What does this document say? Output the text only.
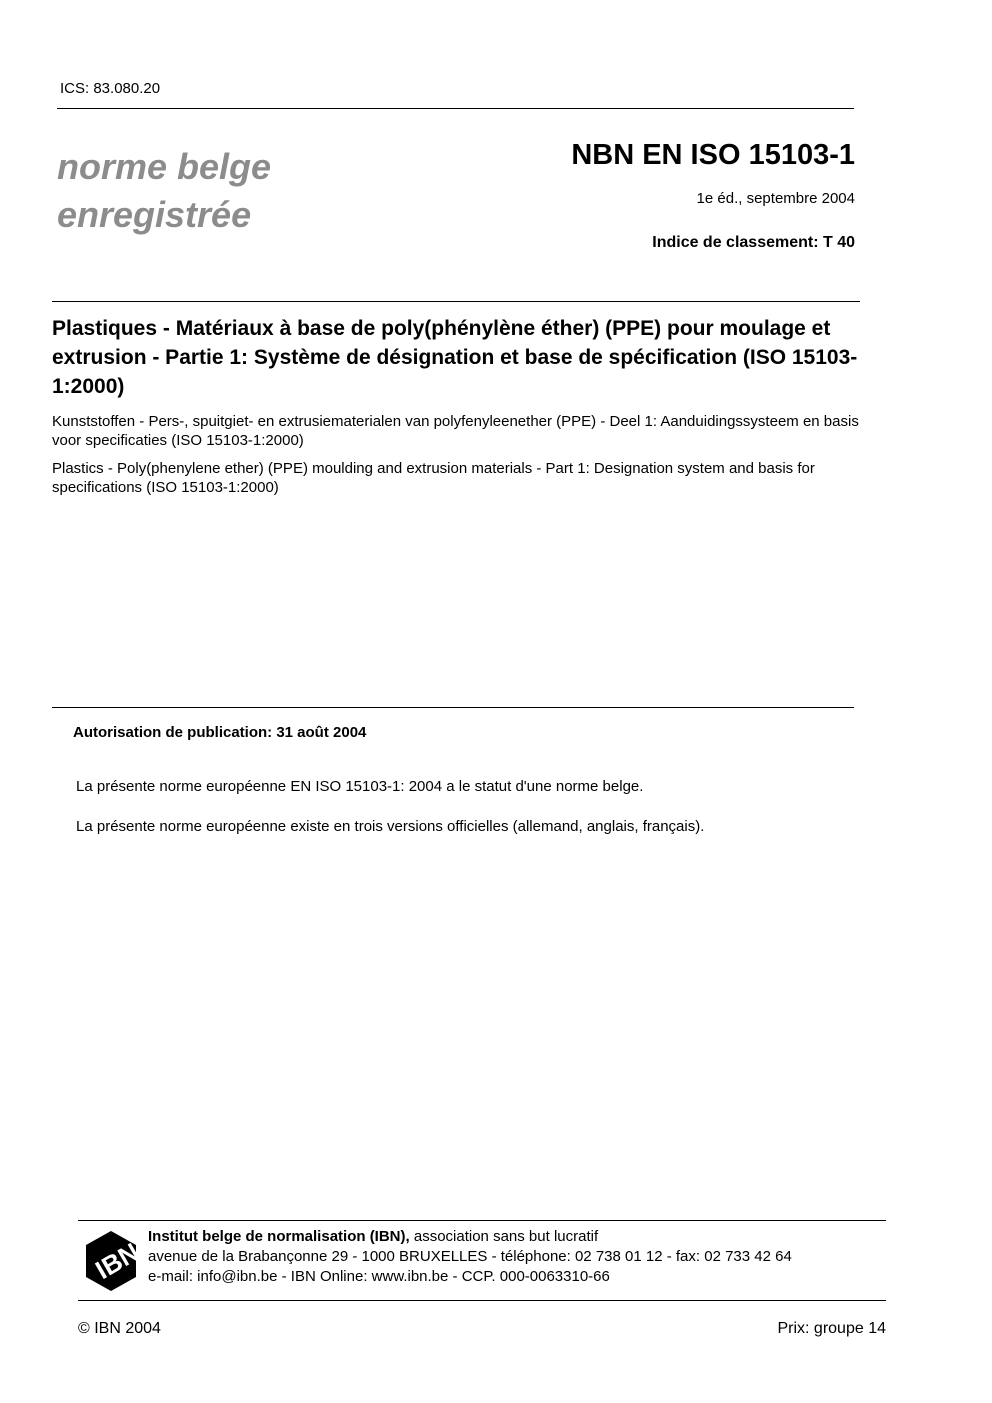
ICS: 83.080.20
norme belge
enregistrée
NBN EN ISO 15103-1
1e éd., septembre 2004
Indice de classement: T 40
Plastiques - Matériaux à base de poly(phénylène éther) (PPE) pour moulage et extrusion - Partie 1: Système de désignation et base de spécification (ISO 15103-1:2000)
Kunststoffen - Pers-, spuitgiet- en extrusiematerialen van polyfenyleenether (PPE) - Deel 1: Aanduidingssysteem en basis voor specificaties (ISO 15103-1:2000)
Plastics - Poly(phenylene ether) (PPE) moulding and extrusion materials - Part 1: Designation system and basis for specifications (ISO 15103-1:2000)
Autorisation de publication: 31 août 2004
La présente norme européenne EN ISO 15103-1: 2004 a le statut d'une norme belge.
La présente norme européenne existe en trois versions officielles (allemand, anglais, français).
IBN
Institut belge de normalisation (IBN), association sans but lucratif
avenue de la Brabançonne 29 - 1000 BRUXELLES - téléphone: 02 738 01 12 - fax: 02 733 42 64
e-mail: info@ibn.be - IBN Online: www.ibn.be - CCP. 000-0063310-66
© IBN 2004	Prix: groupe 14
